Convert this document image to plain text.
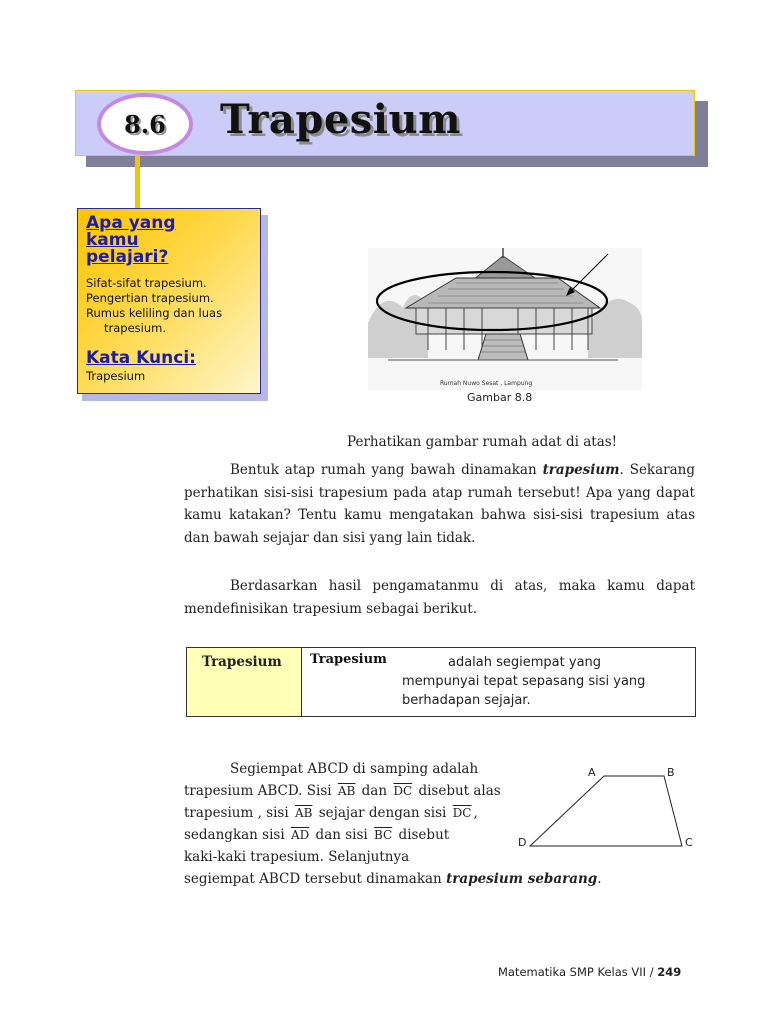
8.6 Trapesium
Apa yang
kamu
pelajari?
Sifat-sifat trapesium.
Pengertian trapesium.
Rumus keliling dan luas
trapesium.
Kata Kunci:
Trapesium
Rumah Nuwo Sesat , Lampung
Gambar 8.8
Perhatikan gambar rumah adat di atas!

Bentuk atap rumah yang bawah dinamakan trapesium. Sekarang perhatikan sisi-sisi trapesium pada atap rumah tersebut! Apa yang dapat kamu katakan? Tentu kamu mengatakan bahwa sisi-sisi trapesium atas dan bawah sejajar dan sisi yang lain tidak.

Berdasarkan hasil pengamatanmu di atas, maka kamu dapat mendefinisikan trapesium sebagai berikut.

Trapesium	Trapesium	adalah segiempat yang mempunyai tepat sepasang sisi yang berhadapan sejajar.
Segiempat ABCD di samping adalah
trapesium ABCD. Sisi $\overline{AB}$ dan $\overline{DC}$ disebut alas
trapesium , sisi $\overline{AB}$ sejajar dengan sisi $\overline{DC}$ ,
sedangkan sisi $\overline{AD}$ dan sisi $\overline{BC}$ disebut
kaki-kaki trapesium. Selanjutnya
segiempat ABCD tersebut dinamakan trapesium sebarang.
A	B
C
D
Matematika SMP Kelas VII / 249
